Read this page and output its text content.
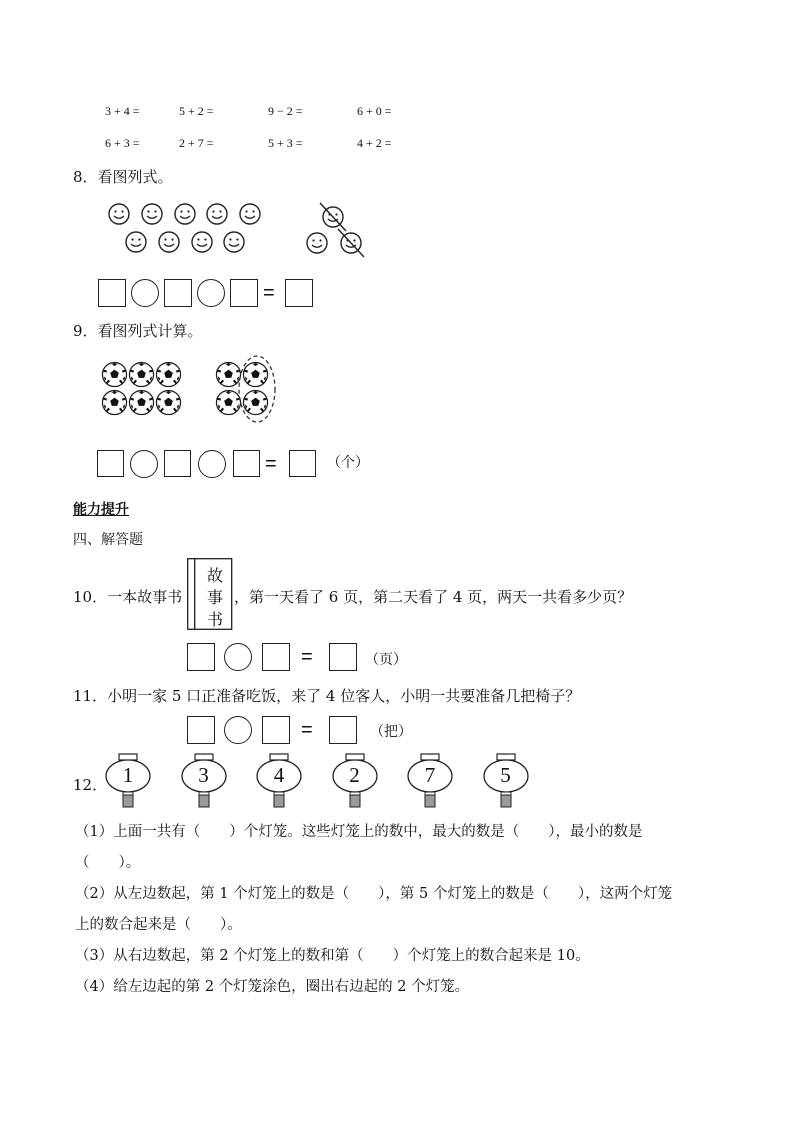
3 + 4 =	5 + 2 =	9 − 2 =	6 + 0 =
6 + 3 =	2 + 7 =	5 + 3 =	4 + 2 =
8．看图列式。
=
9．看图列式计算。
=	（个）
能力提升
四、解答题
10．一本故事书
故
事
书
，第一天看了 6 页，第二天看了 4 页，两天一共看多少页？
=	（页）
11．小明一家 5 口正准备吃饭，来了 4 位客人，小明一共要准备几把椅子？
=	（把）
12． 1	3	4	2	7	5
（1）上面一共有（　　）个灯笼。这些灯笼上的数中，最大的数是（　　），最小的数是
（　　）。
（2）从左边数起，第 1 个灯笼上的数是（　　），第 5 个灯笼上的数是（　　），这两个灯笼
上的数合起来是（　　）。
（3）从右边数起，第 2 个灯笼上的数和第（　　）个灯笼上的数合起来是 10。
（4）给左边起的第 2 个灯笼涂色，圈出右边起的 2 个灯笼。
